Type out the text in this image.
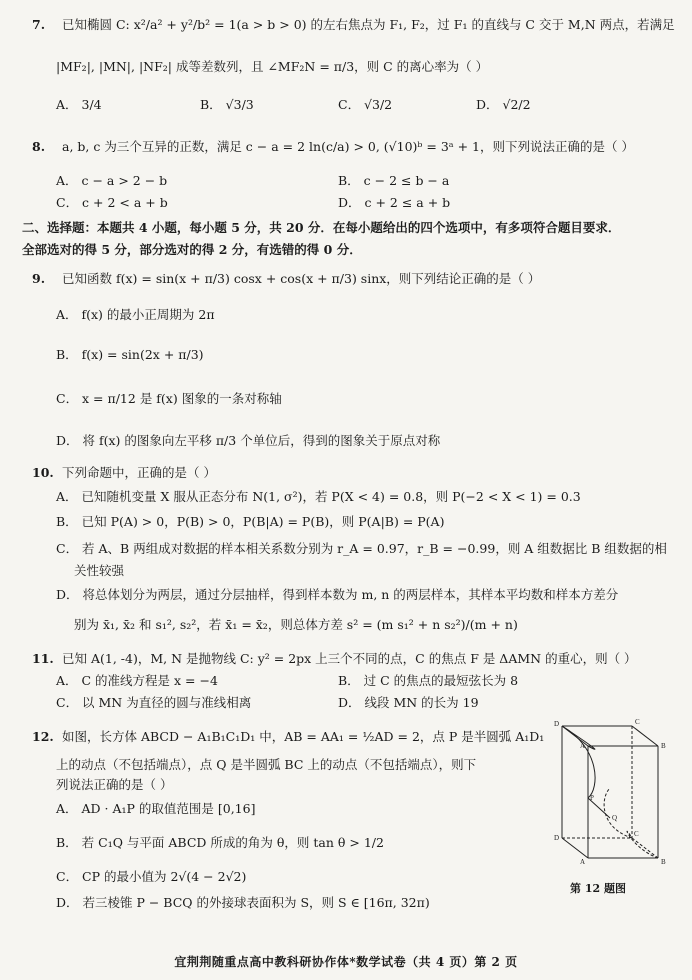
7. 已知椭圆 C: x²/a² + y²/b² = 1(a > b > 0) 的左右焦点为 F₁, F₂，过 F₁ 的直线与 C 交于 M,N 两点，若满足
|MF₂|, |MN|, |NF₂| 成等差数列，且 ∠MF₂N = π/3，则 C 的离心率为（ ）
A． 3/4	B． √3/3	C． √3/2	D． √2/2
8. a, b, c 为三个互异的正数，满足 c − a = 2 ln(c/a) > 0, (√10)ᵇ = 3ᵃ + 1，则下列说法正确的是（ ）
A． c − a > 2 − b	B． c − 2 ≤ b − a
C． c + 2 < a + b	D． c + 2 ≤ a + b
二、选择题：本题共 4 小题，每小题 5 分，共 20 分．在每小题给出的四个选项中，有多项符合题目要求．
全部选对的得 5 分，部分选对的得 2 分，有选错的得 0 分．
9. 已知函数 f(x) = sin(x + π/3) cosx + cos(x + π/3) sinx，则下列结论正确的是（ ）
A． f(x) 的最小正周期为 2π
B． f(x) = sin(2x + π/3)
C． x = π/12 是 f(x) 图象的一条对称轴
D． 将 f(x) 的图象向左平移 π/3 个单位后，得到的图象关于原点对称
10. 下列命题中，正确的是（ ）
A． 已知随机变量 X 服从正态分布 N(1, σ²)，若 P(X < 4) = 0.8，则 P(−2 < X < 1) = 0.3
B． 已知 P(A) > 0，P(B) > 0，P(B|A) = P(B)，则 P(A|B) = P(A)
C． 若 A、B 两组成对数据的样本相关系数分别为 r_A = 0.97，r_B = −0.99，则 A 组数据比 B 组数据的相
关性较强
D． 将总体划分为两层，通过分层抽样，得到样本数为 m, n 的两层样本，其样本平均数和样本方差分
别为 x̄₁, x̄₂ 和 s₁², s₂²，若 x̄₁ = x̄₂，则总体方差 s² = (m s₁² + n s₂²)/(m + n)
11. 已知 A(1, -4)，M, N 是抛物线 C: y² = 2px 上三个不同的点，C 的焦点 F 是 ΔAMN 的重心，则（ ）
A． C 的准线方程是 x = −4	B． 过 C 的焦点的最短弦长为 8
C． 以 MN 为直径的圆与准线相离	D． 线段 MN 的长为 19
12. 如图，长方体 ABCD − A₁B₁C₁D₁ 中，AB = AA₁ = ½AD = 2，点 P 是半圆弧 A₁D₁
上的动点（不包括端点），点 Q 是半圆弧 BC 上的动点（不包括端点），则下
列说法正确的是（ ）
A． AD · A₁P 的取值范围是 [0,16]
B． 若 C₁Q 与平面 ABCD 所成的角为 θ，则 tan θ > 1/2
C． CP 的最小值为 2√(4 − 2√2)
D． 若三棱锥 P − BCQ 的外接球表面积为 S，则 S ∈ [16π, 32π)
D	C
A	B
D
A	B
C
P
Q
第 12 题图
宜荆荆随重点高中教科研协作体*数学试卷（共 4 页）第 2 页
